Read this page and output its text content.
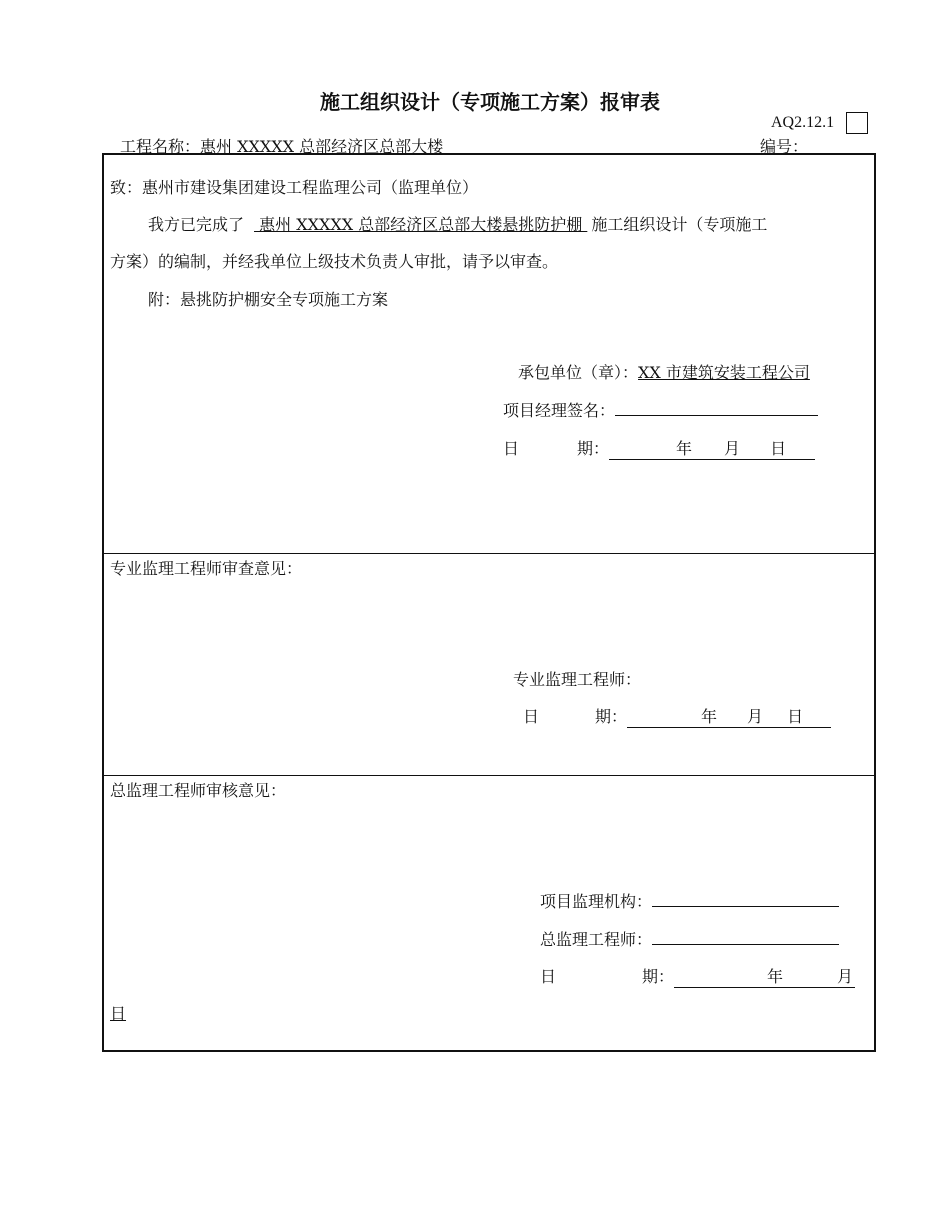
施工组织设计（专项施工方案）报审表
AQ2.12.1
工程名称：惠州 XXXXX 总部经济区总部大楼	编号：
致：惠州市建设集团建设工程监理公司（监理单位）
我方已完成了 惠州 XXXXX 总部经济区总部大楼悬挑防护棚 施工组织设计（专项施工
方案）的编制，并经我单位上级技术负责人审批，请予以审查。
附：悬挑防护棚安全专项施工方案
承包单位（章）：XX 市建筑安装工程公司
项目经理签名：
日	期：	年 月 日
专业监理工程师审查意见：
专业监理工程师：
日	期：	年 月 日
总监理工程师审核意见：
项目监理机构：
总监理工程师：
日	期：	年	月
日
